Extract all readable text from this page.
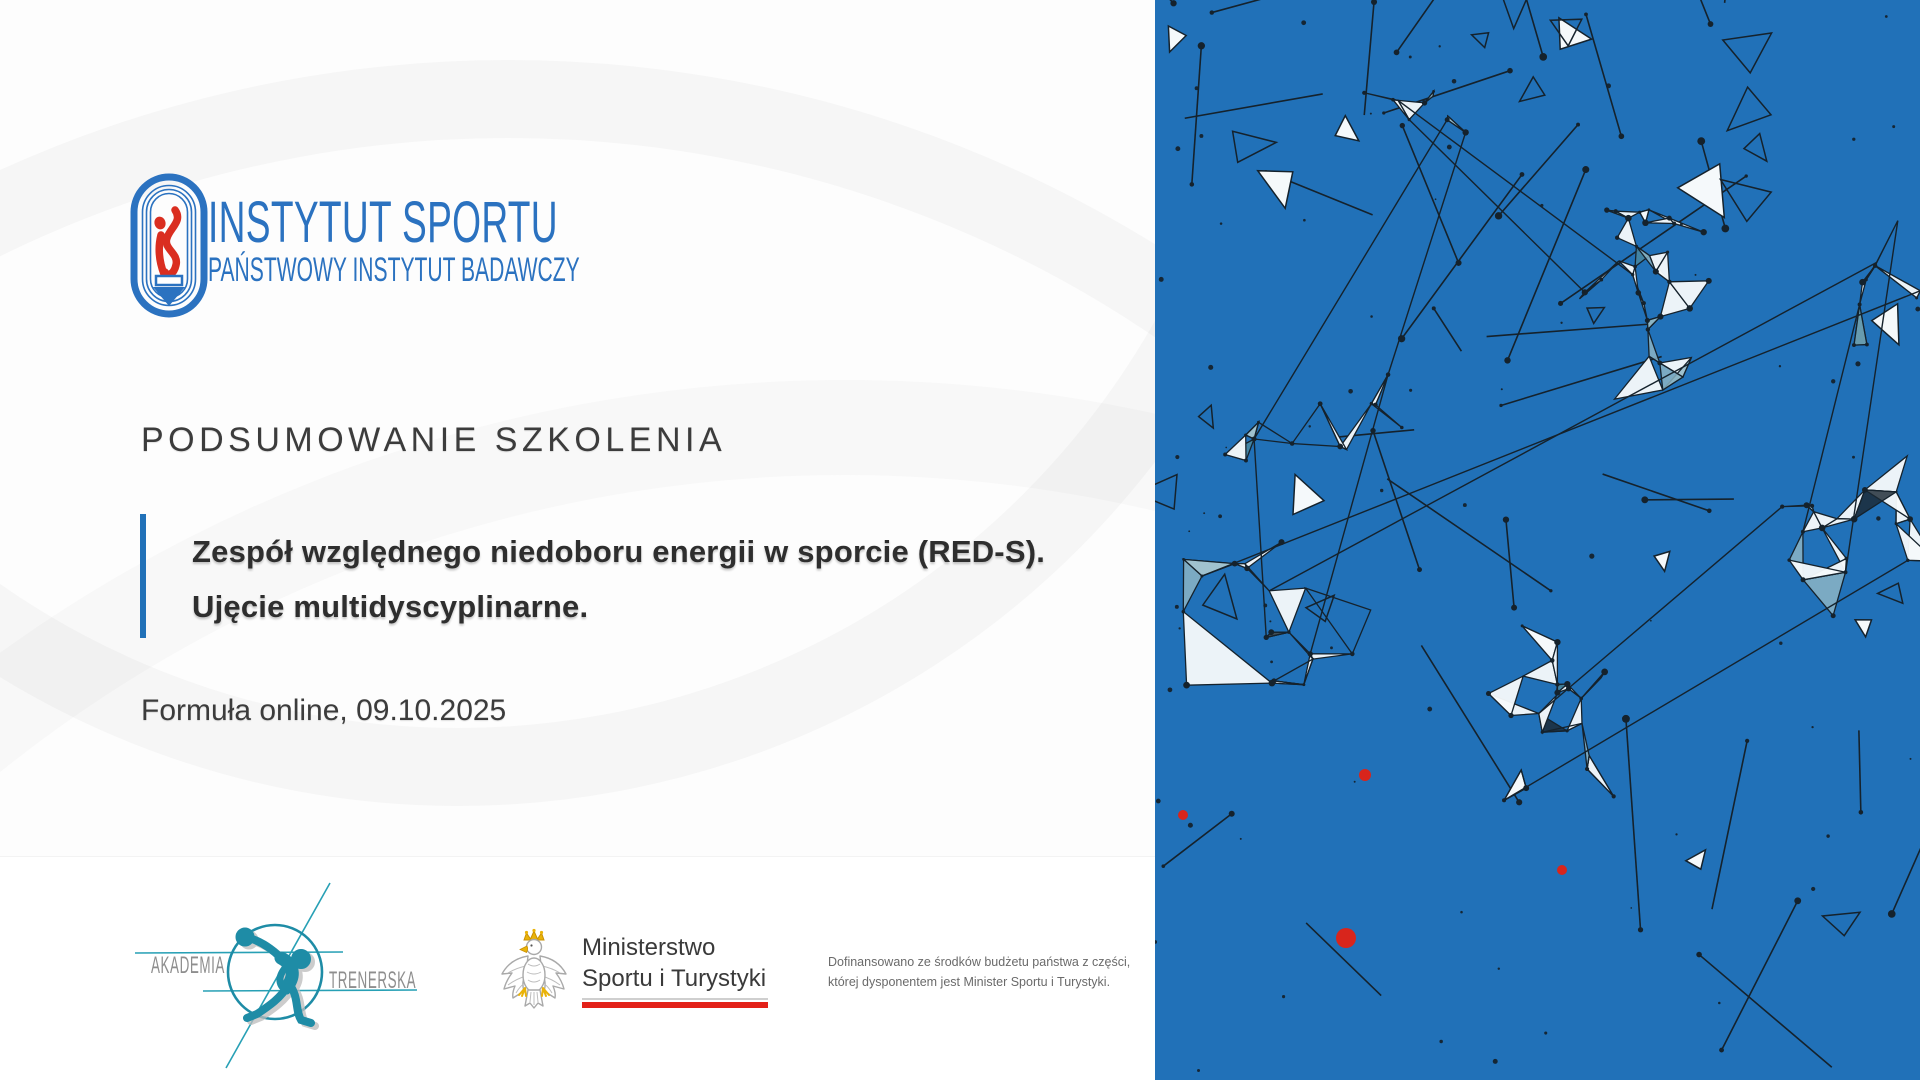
INSTYTUT SPORTU
PAŃSTWOWY INSTYTUT BADAWCZY
PODSUMOWANIE SZKOLENIA
Zespół względnego niedoboru energii w sporcie (RED-S).
Ujęcie multidyscyplinarne.
Formuła online, 09.10.2025
AKADEMIA
TRENERSKA
Ministerstwo
Sportu i Turystyki
Dofinansowano ze środków budżetu państwa z części,
której dysponentem jest Minister Sportu i Turystyki.
